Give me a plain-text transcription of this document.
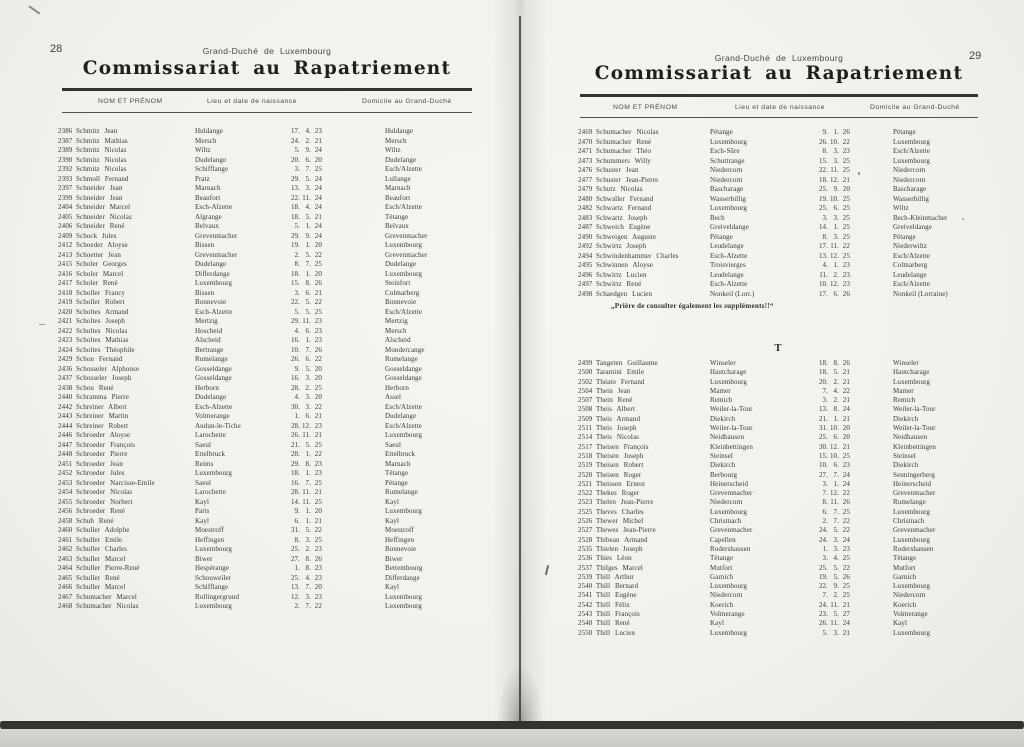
28	Grand-Duché de Luxembourg
Commissariat au Rapatriement
NOM ET PRÉNOM	Lieu et date de naissance	Domicile au Grand-Duché
2386 Schmitz Jean	Huldange	17. 4. 23	Huldange
2387 Schmitz Mathias	Mersch	24. 2. 21	Mersch
2389 Schmitz Nicolas	Wiltz	5. 9. 24	Wiltz
2390 Schmitz Nicolas	Dudelange	20. 6. 20	Dudelange
2392 Schmitz Nicolas	Schifflange	3. 7. 25	Esch/Alzette
2393 Schmoll Fernand	Pratz	29. 5. 24	Lullange
2397 Schneider Jean	Marnach	13. 3. 24	Marnach
2399 Schneider Jean	Beaufort	22. 11. 24	Beaufort
2404 Schneider Marcel	Esch-Alzette	18. 4. 24	Esch/Alzette
2405 Schneider Nicolas	Algrange	18. 5. 21	Tétange
2406 Schneider René	Belvaux	5. 1. 24	Belvaux
2409 Schock Jules	Grevenmacher	29. 9. 24	Grevenmacher
2412 Schoeder Aloyse	Bissen	19. 1. 20	Luxembourg
2413 Schoetter Jean	Grevenmacher	2. 5. 22	Grevenmacher
2415 Scholer Georges	Dudelange	8. 7. 25	Dudelange
2416 Scholer Marcel	Differdange	18. 1. 20	Luxembourg
2417 Scholer René	Luxembourg	15. 8. 26	Steinfort
2418 Scholler Francy	Bissen	3. 6. 21	Colmarberg
2419 Scholler Robert	Bonnevoie	22. 5. 22	Bonnevoie
2420 Scholtes Armand	Esch-Alzette	5. 5. 25	Esch/Alzette
2421 Scholtes Joseph	Mertzig	29. 11. 23	Mertzig
2422 Scholtes Nicolas	Hoscheid	4. 6. 23	Mersch
2423 Scholtes Mathias	Alscheid	16. 1. 23	Alscheid
2424 Scholtes Théophile	Bertrange	10. 7. 26	Mondercange
2429 Schon Fernand	Rumelange	26. 6. 22	Rumelange
2436 Schosseler Alphonse	Gosseldange	9. 5. 20	Gosseldange
2437 Schosseler Joseph	Gosseldange	16. 3. 20	Gosseldange
2438 Schou René	Herborn	28. 2. 25	Herborn
2440 Schramma Pierre	Dudelange	4. 3. 20	Assel
2442 Schreiner Albert	Esch-Alzette	30. 3. 22	Esch/Alzette
2443 Schreiner Martin	Volmerange	1. 6. 21	Dudelange
2444 Schreiner Robert	Audun-le-Tiche	28. 12. 23	Esch/Alzette
2446 Schroeder Aloyse	Larochette	26. 11. 21	Luxembourg
2447 Schroeder François	Saeul	21. 5. 25	Saeul
2448 Schroeder Pierre	Ettelbruck	28. 1. 22	Ettelbruck
2451 Schroeder Jean	Reims	29. 8. 23	Marnach
2452 Schroeder Jules	Luxembourg	18. 1. 23	Tétange
2453 Schroeder Narcisse-Emile	Saeul	16. 7. 25	Pétange
2454 Schroeder Nicolas	Larochette	28. 11. 21	Rumelange
2455 Schroeder Norbert	Kayl	14. 11. 25	Kayl
2456 Schroeder René	Paris	9. 1. 20	Luxembourg
2458 Schuh René	Kayl	6. 1. 21	Kayl
2460 Schuller Adolphe	Moestroff	31. 5. 22	Moestroff
2461 Schuller Emile	Heffingen	8. 3. 25	Heffingen
2462 Schuller Charles	Luxembourg	25. 2. 23	Bonnevoie
2463 Schuller Marcel	Biwer	27. 8. 26	Biwer
2464 Schuller Pierre-René	Hespérange	1. 8. 23	Bettembourg
2465 Schuller René	Schouweiler	25. 4. 23	Differdange
2466 Schuller Marcel	Schifflange	13. 7. 20	Kayl
2467 Schumacher Marcel	Rollingergrund	12. 3. 23	Luxembourg
2468 Schumacher Nicolas	Luxembourg	2. 7. 22	Luxembourg
29
Grand-Duché de Luxembourg
Commissariat au Rapatriement
NOM ET PRÉNOM	Lieu et date de naissance	Domicile au Grand-Duché
2469 Schumacher Nicolas	Pétange	9. 1. 26	Pétange
2470 Schumacher René	Luxembourg	26. 10. 22	Luxembourg
2471 Schumacher Théo	Esch-Sûre	8. 3. 23	Esch/Alzette
2473 Schummers Willy	Schuttrange	15. 3. 25	Luxembourg
2476 Schuster Jean	Niedercorn	22. 11. 25	Niedercorn
2477 Schuster Jean-Pierre	Niedercorn	18. 12. 21	Niedercorn
2479 Schutz Nicolas	Bascharage	25. 9. 20	Bascharage
2480 Schwaller Fernand	Wasserbillig	19. 10. 25	Wasserbillig
2482 Schwartz Fernand	Luxembourg	25. 6. 25	Wiltz
2483 Schwartz Joseph	Bech	3. 3. 25	Bech-Kleinmacher
2487 Schweich Eugène	Greiveldange	14. 1. 25	Greiveldange
2490 Schweigen Auguste	Pétange	8. 3. 25	Pétange
2492 Schwirtz Joseph	Leudelange	17. 11. 22	Niederwiltz
2494 Schwindenhammer Charles	Esch-Alzette	13. 12. 25	Esch/Alzette
2495 Schwinnen Aloyse	Troisvierges	4. 1. 23	Colmarberg
2496 Schwirtz Lucien	Leudelange	11. 2. 23	Leudelange
2497 Schwirtz René	Esch-Alzette	10. 12. 23	Esch/Alzette
2498 Schaedgen Lucien	Nonkeil (Lorr.)	17. 6. 26	Nonkeil (Lorraine)
„Prière de consulter également les suppléments!!“
T
2499 Tangeten Guillaume	Winseler	18. 8. 26	Winseler
2500 Taramini Emile	Hautcharage	18. 5. 21	Hautcharage
2502 Théato Fernand	Luxembourg	20. 2. 21	Luxembourg
2504 Thein Jean	Mamer	7. 4. 22	Mamer
2507 Thein René	Remich	3. 2. 21	Remich
2508 Theis Albert	Weiler-la-Tour	13. 8. 24	Weiler-la-Tour
2509 Theis Armand	Diekirch	21. 1. 21	Diekirch
2511 Theis Joseph	Weiler-la-Tour	31. 10. 20	Weiler-la-Tour
2514 Theis Nicolas	Neidhausen	25. 6. 20	Neidhausen
2517 Theisen François	Kleinbettingen	30. 12. 21	Kleinbettingen
2518 Theisen Joseph	Steinsel	15. 10. 25	Steinsel
2519 Theisen Robert	Diekirch	10. 6. 23	Diekirch
2520 Theisen Roger	Berbourg	27. 7. 24	Senningerberg
2521 Theissen Ernest	Heinerscheid	3. 1. 24	Heinerscheid
2522 Thekes Roger	Grevenmacher	7. 12. 22	Grevenmacher
2523 Thelen Jean-Pierre	Niedercorn	8. 11. 26	Rumelange
2525 Theves Charles	Luxembourg	6. 7. 25	Luxembourg
2526 Thewer Michel	Christnach	2. 7. 22	Christnach
2527 Thewes Jean-Pierre	Grevenmacher	24. 5. 22	Grevenmacher
2528 Thibeau Armand	Capellen	24. 3. 24	Luxembourg
2535 Thielen Joseph	Rodershausen	1. 3. 23	Rodershausen
2536 Thies Léon	Tétange	3. 4. 25	Tétange
2537 Thilges Marcel	Mutfort	25. 5. 22	Mutfort
2539 Thill Arthur	Garnich	19. 5. 26	Garnich
2540 Thill Bernard	Luxembourg	22. 9. 25	Luxembourg
2541 Thill Eugène	Niedercorn	7. 2. 25	Niedercorn
2542 Thill Félix	Koerich	24. 11. 21	Koerich
2543 Thill François	Volmerange	23. 5. 27	Volmerange
2548 Thill René	Kayl	26. 11. 24	Kayl
2550 Thill Lucien	Luxembourg	5. 3. 21	Luxembourg
